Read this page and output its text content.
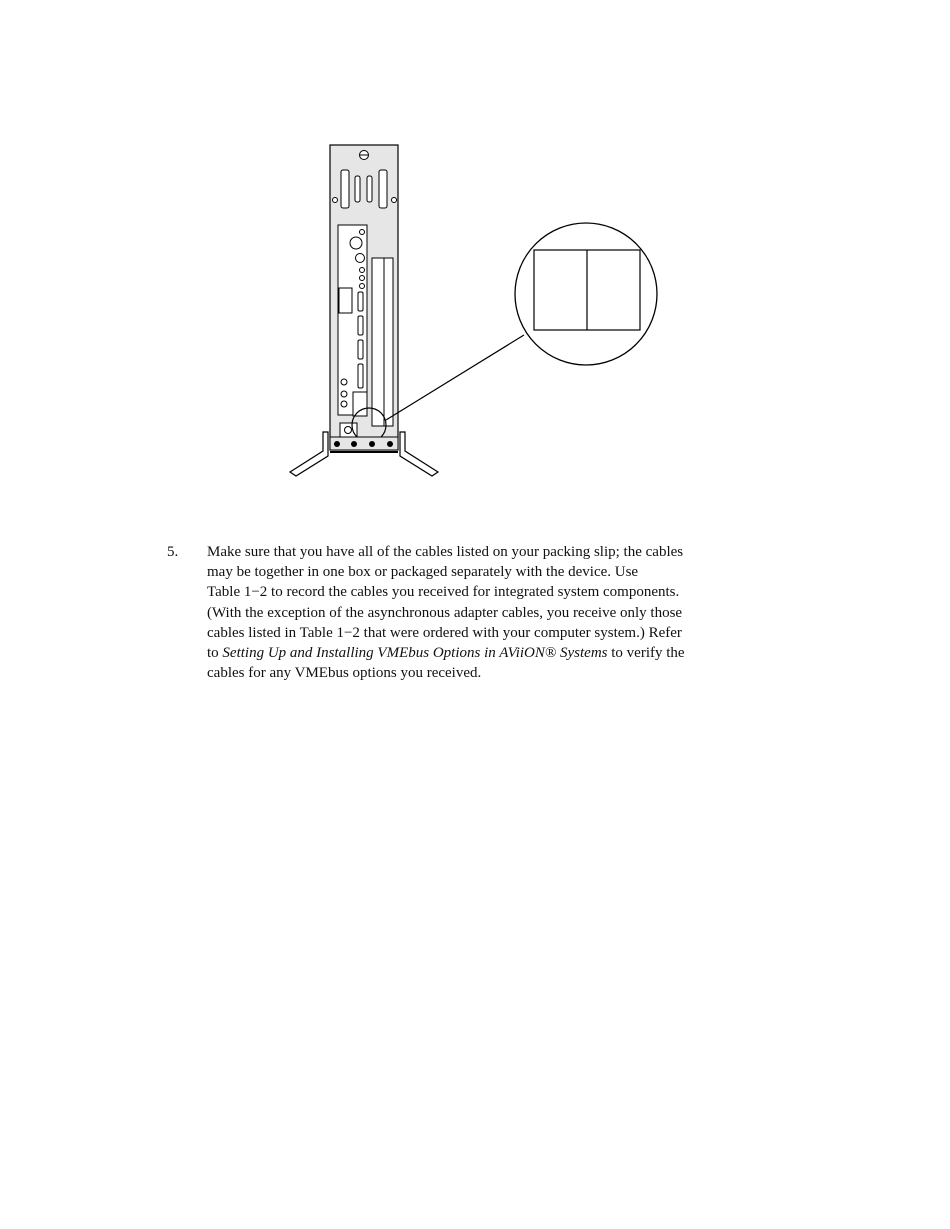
5. Make sure that you have all of the cables listed on your packing slip; the cables
may be together in one box or packaged separately with the device. Use
Table 1−2 to record the cables you received for integrated system components.
(With the exception of the asynchronous adapter cables, you receive only those
cables listed in Table 1−2 that were ordered with your computer system.) Refer
to Setting Up and Installing VMEbus Options in AViiON® Systems to verify the
cables for any VMEbus options you received.
